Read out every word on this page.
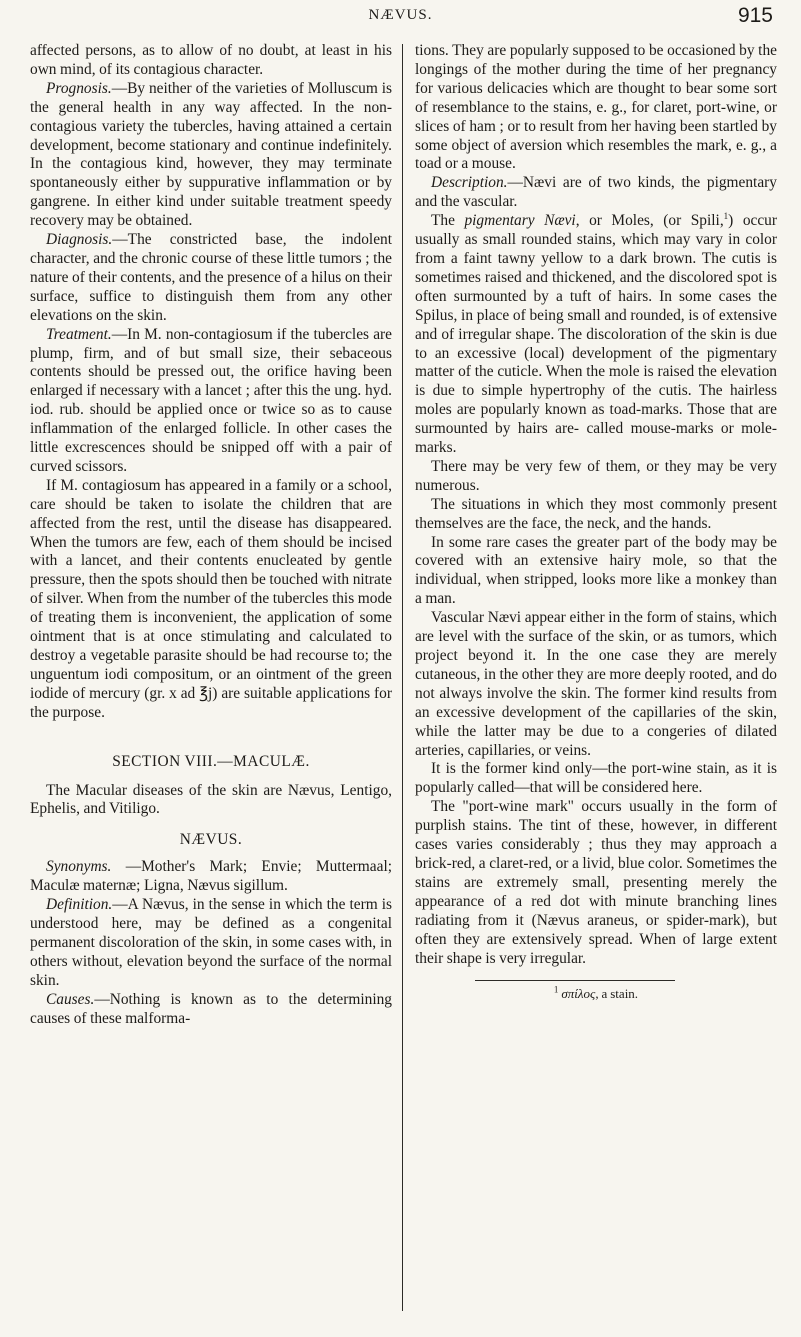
NÆVUS.	915

affected persons, as to allow of no doubt, at least in his own mind, of its contagious character.

Prognosis.—By neither of the varieties of Molluscum is the general health in any way affected. In the non-contagious variety the tubercles, having attained a certain development, become stationary and continue indefinitely. In the contagious kind, however, they may terminate spontaneously either by suppurative inflammation or by gangrene. In either kind under suitable treatment speedy recovery may be obtained.

Diagnosis.—The constricted base, the indolent character, and the chronic course of these little tumors ; the nature of their contents, and the presence of a hilus on their surface, suffice to distinguish them from any other elevations on the skin.

Treatment.—In M. non-contagiosum if the tubercles are plump, firm, and of but small size, their sebaceous contents should be pressed out, the orifice having been enlarged if necessary with a lancet ; after this the ung. hyd. iod. rub. should be applied once or twice so as to cause inflammation of the enlarged follicle. In other cases the little excrescences should be snipped off with a pair of curved scissors.

If M. contagiosum has appeared in a family or a school, care should be taken to isolate the children that are affected from the rest, until the disease has disappeared. When the tumors are few, each of them should be incised with a lancet, and their contents enucleated by gentle pressure, then the spots should then be touched with nitrate of silver. When from the number of the tubercles this mode of treating them is inconvenient, the application of some ointment that is at once stimulating and calculated to destroy a vegetable parasite should be had recourse to; the unguentum iodi compositum, or an ointment of the green iodide of mercury (gr. x ad ℥j) are suitable applications for the purpose.

SECTION VIII.—MACULÆ.

The Macular diseases of the skin are Nævus, Lentigo, Ephelis, and Vitiligo.

NÆVUS.

Synonyms. —Mother's Mark; Envie; Muttermaal; Maculæ maternæ; Ligna, Nævus sigillum.

Definition.—A Nævus, in the sense in which the term is understood here, may be defined as a congenital permanent discoloration of the skin, in some cases with, in others without, elevation beyond the surface of the normal skin.

Causes.—Nothing is known as to the determining causes of these malforma-

tions. They are popularly supposed to be occasioned by the longings of the mother during the time of her pregnancy for various delicacies which are thought to bear some sort of resemblance to the stains, e. g., for claret, port-wine, or slices of ham ; or to result from her having been startled by some object of aversion which resembles the mark, e. g., a toad or a mouse.

Description.—Nævi are of two kinds, the pigmentary and the vascular.

The pigmentary Nævi, or Moles, (or Spili,$^1$) occur usually as small rounded stains, which may vary in color from a faint tawny yellow to a dark brown. The cutis is sometimes raised and thickened, and the discolored spot is often surmounted by a tuft of hairs. In some cases the Spilus, in place of being small and rounded, is of extensive and of irregular shape. The discoloration of the skin is due to an excessive (local) development of the pigmentary matter of the cuticle. When the mole is raised the elevation is due to simple hypertrophy of the cutis. The hairless moles are popularly known as toad-marks. Those that are surmounted by hairs are- called mouse-marks or mole-marks.

There may be very few of them, or they may be very numerous.

The situations in which they most commonly present themselves are the face, the neck, and the hands.

In some rare cases the greater part of the body may be covered with an extensive hairy mole, so that the individual, when stripped, looks more like a monkey than a man.

Vascular Nævi appear either in the form of stains, which are level with the surface of the skin, or as tumors, which project beyond it. In the one case they are merely cutaneous, in the other they are more deeply rooted, and do not always involve the skin. The former kind results from an excessive development of the capillaries of the skin, while the latter may be due to a congeries of dilated arteries, capillaries, or veins.

It is the former kind only—the port-wine stain, as it is popularly called—that will be considered here.

The "port-wine mark" occurs usually in the form of purplish stains. The tint of these, however, in different cases varies considerably ; thus they may approach a brick-red, a claret-red, or a livid, blue color. Sometimes the stains are extremely small, presenting merely the appearance of a red dot with minute branching lines radiating from it (Nævus araneus, or spider-mark), but often they are extensively spread. When of large extent their shape is very irregular.

$^1$ σπίλος, a stain.
